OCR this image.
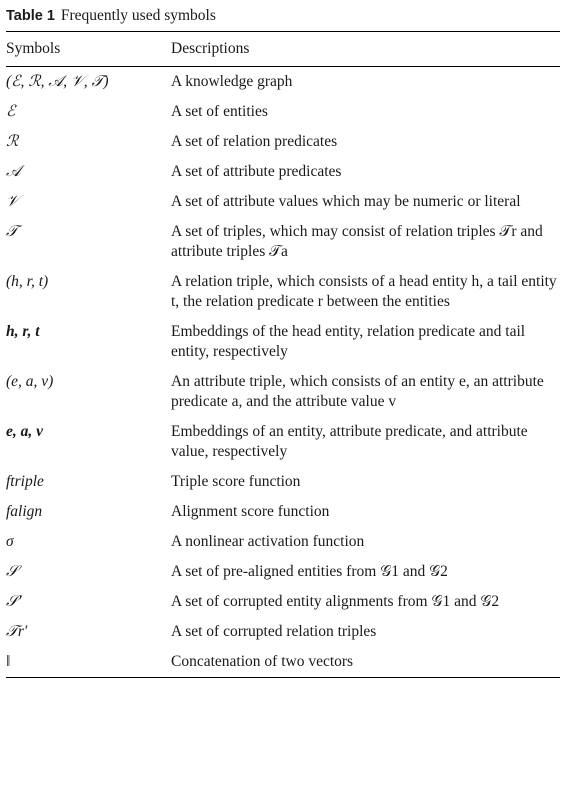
Table 1 Frequently used symbols
Symbols	Descriptions
(ℰ, ℛ, 𝒜, 𝒱, 𝒯)	A knowledge graph
ℰ	A set of entities
ℛ	A set of relation predicates
𝒜	A set of attribute predicates
𝒱	A set of attribute values which may be numeric or literal
𝒯	A set of triples, which may consist of relation triples 𝒯r and attribute triples 𝒯a
(h, r, t)	A relation triple, which consists of a head entity h, a tail entity t, the relation predicate r between the entities
h, r, t	Embeddings of the head entity, relation predicate and tail entity, respectively
(e, a, v)	An attribute triple, which consists of an entity e, an attribute predicate a, and the attribute value v
e, a, v	Embeddings of an entity, attribute predicate, and attribute value, respectively
ftriple	Triple score function
falign	Alignment score function
σ	A nonlinear activation function
𝒮	A set of pre-aligned entities from 𝒢1 and 𝒢2
𝒮′	A set of corrupted entity alignments from 𝒢1 and 𝒢2
𝒯r′	A set of corrupted relation triples
‖	Concatenation of two vectors
